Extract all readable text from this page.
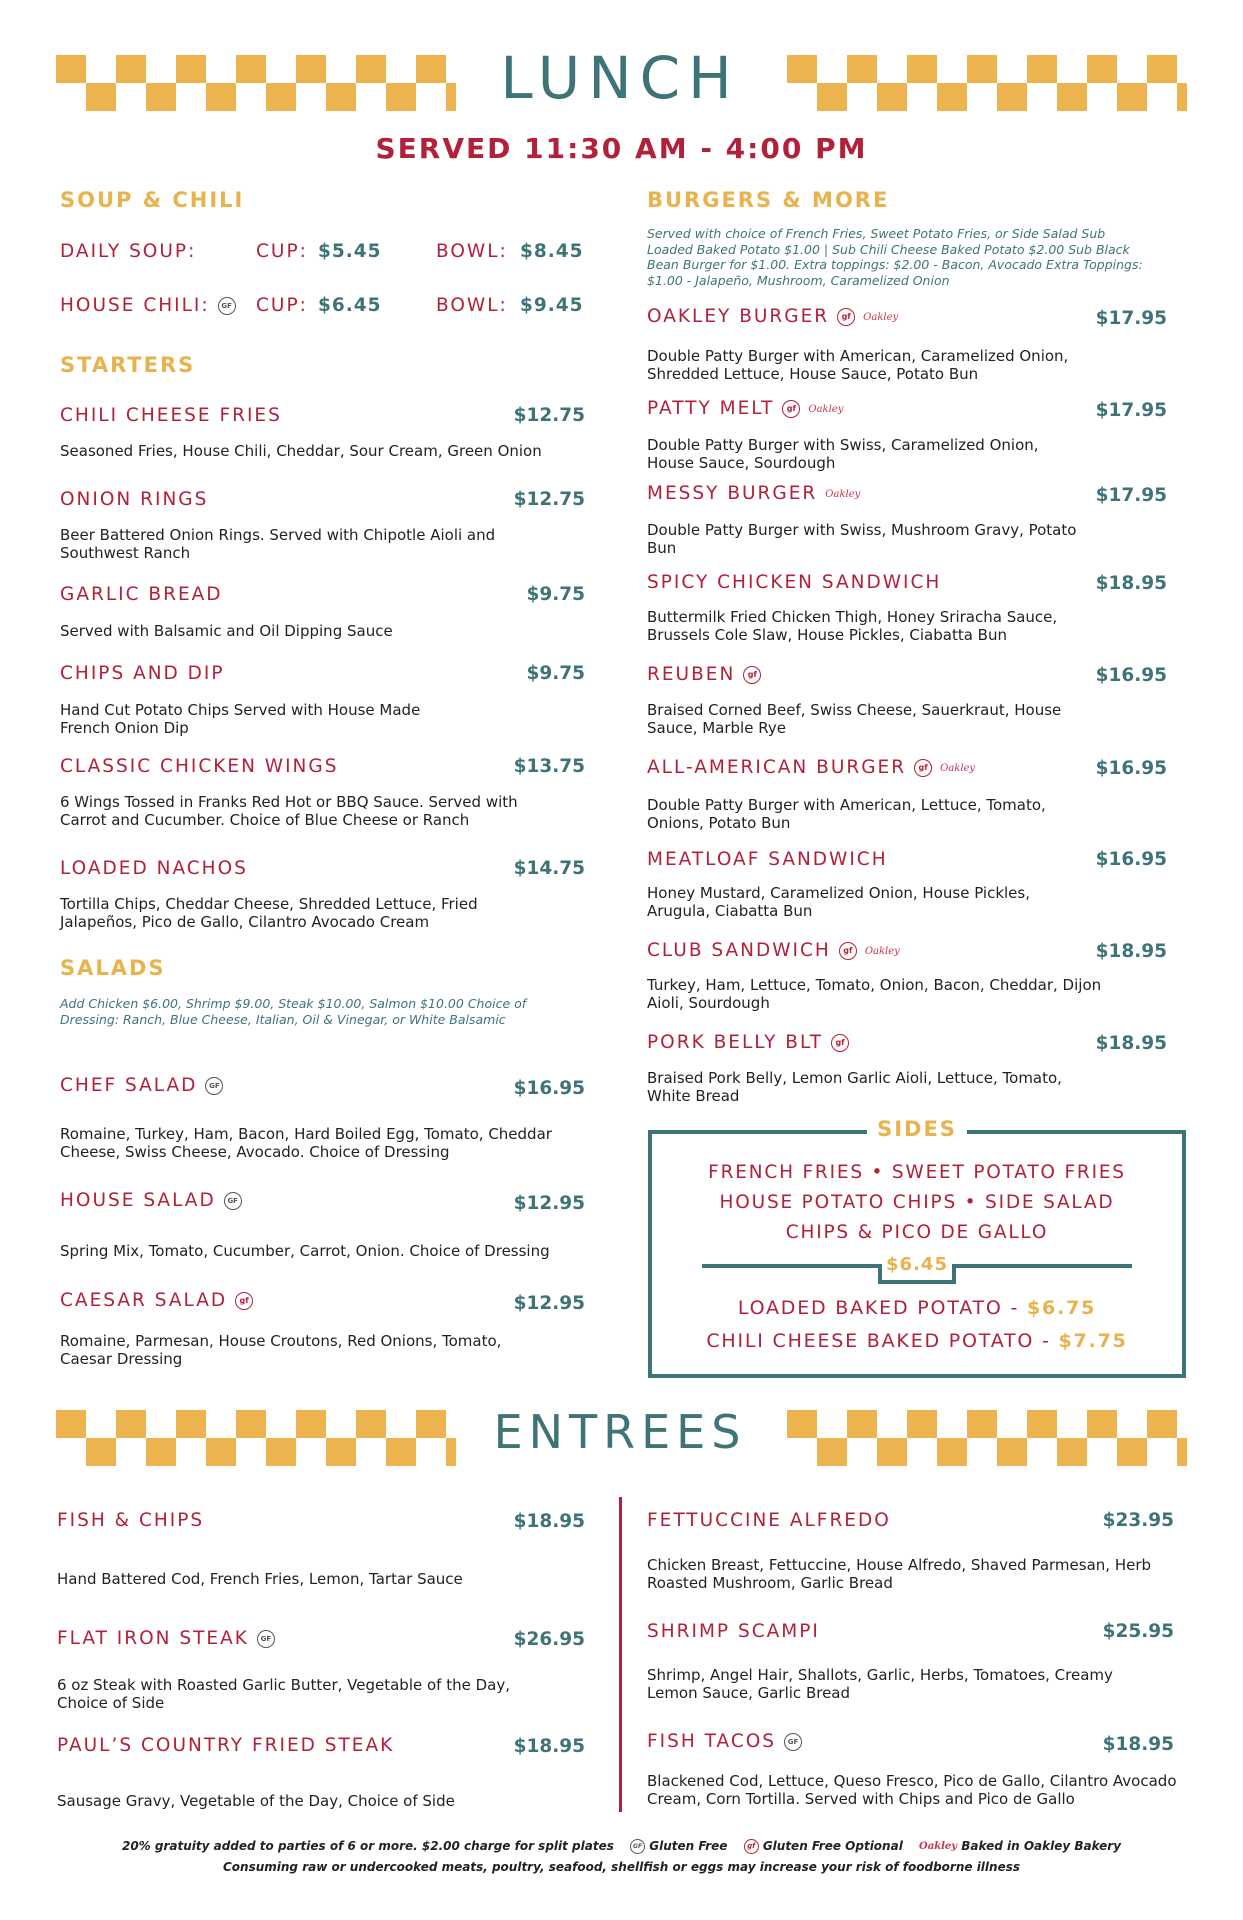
LUNCH
SERVED 11:30 AM - 4:00 PM
SOUP & CHILI
DAILY SOUP:	CUP: $5.45	BOWL: $8.45
HOUSE CHILI: GF CUP: $6.45	BOWL: $9.45
STARTERS
CHILI CHEESE FRIES	$12.75
Seasoned Fries, House Chili, Cheddar, Sour Cream, Green Onion
ONION RINGS	$12.75
Beer Battered Onion Rings. Served with Chipotle Aioli and Southwest Ranch
GARLIC BREAD	$9.75
Served with Balsamic and Oil Dipping Sauce
CHIPS AND DIP	$9.75
Hand Cut Potato Chips Served with House Made French Onion Dip
CLASSIC CHICKEN WINGS	$13.75
6 Wings Tossed in Franks Red Hot or BBQ Sauce. Served with Carrot and Cucumber. Choice of Blue Cheese or Ranch
LOADED NACHOS	$14.75
Tortilla Chips, Cheddar Cheese, Shredded Lettuce, Fried Jalapeños, Pico de Gallo, Cilantro Avocado Cream
SALADS
Add Chicken $6.00, Shrimp $9.00, Steak $10.00, Salmon $10.00 Choice of Dressing: Ranch, Blue Cheese, Italian, Oil & Vinegar, or White Balsamic
CHEF SALAD GF	$16.95
Romaine, Turkey, Ham, Bacon, Hard Boiled Egg, Tomato, Cheddar Cheese, Swiss Cheese, Avocado. Choice of Dressing
HOUSE SALAD GF	$12.95
Spring Mix, Tomato, Cucumber, Carrot, Onion. Choice of Dressing
CAESAR SALAD gf	$12.95
Romaine, Parmesan, House Croutons, Red Onions, Tomato, Caesar Dressing
BURGERS & MORE
Served with choice of French Fries, Sweet Potato Fries, or Side Salad Sub Loaded Baked Potato $1.00 | Sub Chili Cheese Baked Potato $2.00 Sub Black Bean Burger for $1.00. Extra toppings: $2.00 - Bacon, Avocado Extra Toppings: $1.00 - Jalapeño, Mushroom, Caramelized Onion
OAKLEY BURGER gf Oakley	$17.95
Double Patty Burger with American, Caramelized Onion, Shredded Lettuce, House Sauce, Potato Bun
PATTY MELT gf Oakley	$17.95
Double Patty Burger with Swiss, Caramelized Onion, House Sauce, Sourdough
MESSY BURGER Oakley	$17.95
Double Patty Burger with Swiss, Mushroom Gravy, Potato Bun
SPICY CHICKEN SANDWICH	$18.95
Buttermilk Fried Chicken Thigh, Honey Sriracha Sauce, Brussels Cole Slaw, House Pickles, Ciabatta Bun
REUBEN gf	$16.95
Braised Corned Beef, Swiss Cheese, Sauerkraut, House Sauce, Marble Rye
ALL-AMERICAN BURGER gf Oakley	$16.95
Double Patty Burger with American, Lettuce, Tomato, Onions, Potato Bun
MEATLOAF SANDWICH	$16.95
Honey Mustard, Caramelized Onion, House Pickles, Arugula, Ciabatta Bun
CLUB SANDWICH gf Oakley	$18.95
Turkey, Ham, Lettuce, Tomato, Onion, Bacon, Cheddar, Dijon Aioli, Sourdough
PORK BELLY BLT gf	$18.95
Braised Pork Belly, Lemon Garlic Aioli, Lettuce, Tomato, White Bread
SIDES
FRENCH FRIES • SWEET POTATO FRIES
HOUSE POTATO CHIPS • SIDE SALAD
CHIPS & PICO DE GALLO
$6.45
LOADED BAKED POTATO - $6.75
CHILI CHEESE BAKED POTATO - $7.75
ENTREES
FISH & CHIPS	$18.95
Hand Battered Cod, French Fries, Lemon, Tartar Sauce
FLAT IRON STEAK GF	$26.95
6 oz Steak with Roasted Garlic Butter, Vegetable of the Day, Choice of Side
PAUL’S COUNTRY FRIED STEAK	$18.95
Sausage Gravy, Vegetable of the Day, Choice of Side
FETTUCCINE ALFREDO	$23.95
Chicken Breast, Fettuccine, House Alfredo, Shaved Parmesan, Herb Roasted Mushroom, Garlic Bread
SHRIMP SCAMPI	$25.95
Shrimp, Angel Hair, Shallots, Garlic, Herbs, Tomatoes, Creamy Lemon Sauce, Garlic Bread
FISH TACOS GF	$18.95
Blackened Cod, Lettuce, Queso Fresco, Pico de Gallo, Cilantro Avocado Cream, Corn Tortilla. Served with Chips and Pico de Gallo
20% gratuity added to parties of 6 or more. $2.00 charge for split plates	GF Gluten Free	gf Gluten Free Optional Oakley Baked in Oakley Bakery
Consuming raw or undercooked meats, poultry, seafood, shellfish or eggs may increase your risk of foodborne illness
